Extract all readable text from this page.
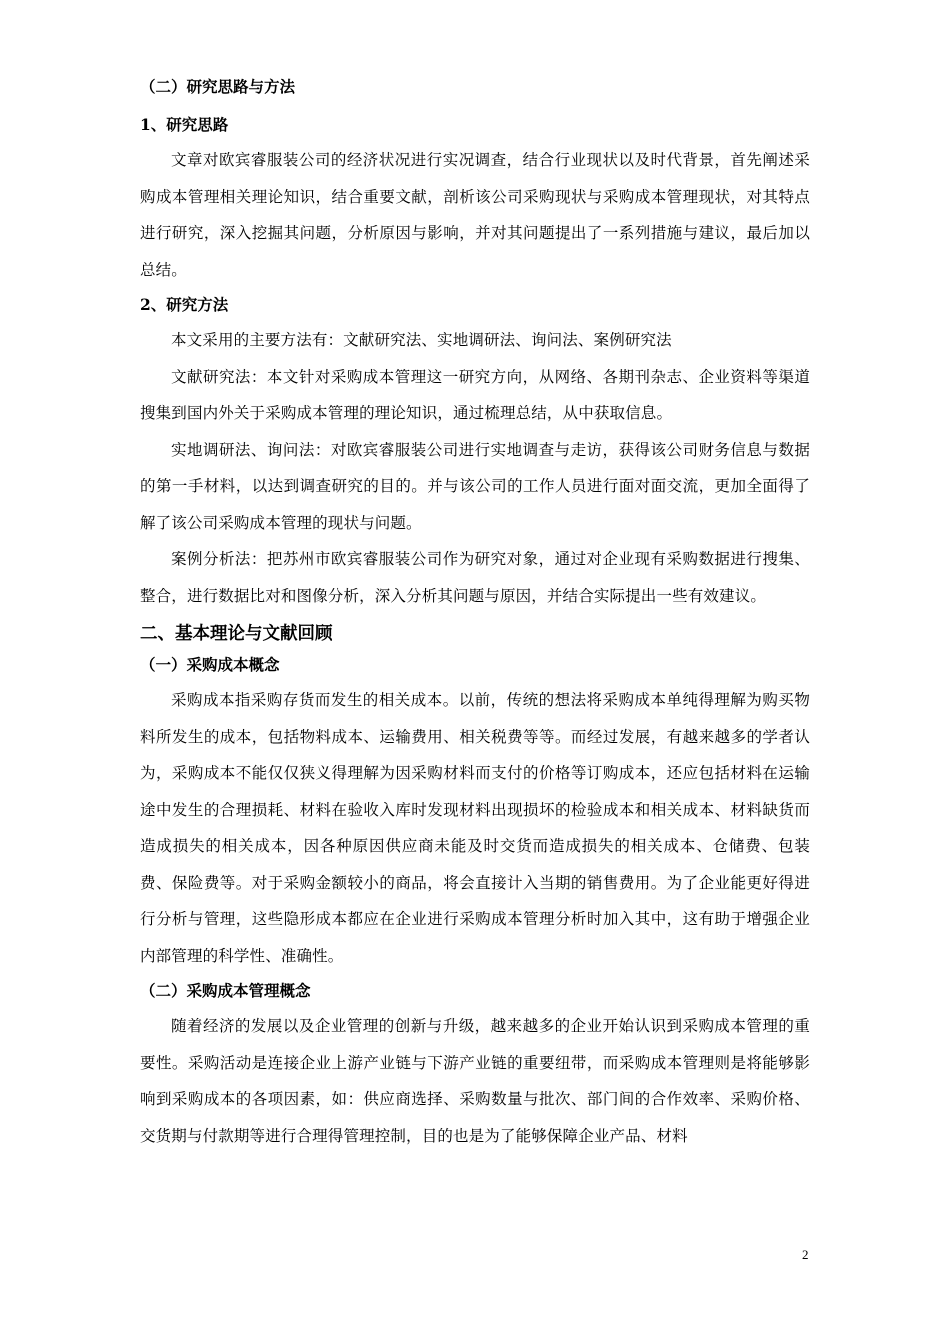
（二）研究思路与方法

1、研究思路

文章对欧宾睿服装公司的经济状况进行实况调查，结合行业现状以及时代背景，首先阐述采购成本管理相关理论知识，结合重要文献，剖析该公司采购现状与采购成本管理现状，对其特点进行研究，深入挖掘其问题，分析原因与影响，并对其问题提出了一系列措施与建议，最后加以总结。

2、研究方法

本文采用的主要方法有：文献研究法、实地调研法、询问法、案例研究法

文献研究法：本文针对采购成本管理这一研究方向，从网络、各期刊杂志、企业资料等渠道搜集到国内外关于采购成本管理的理论知识，通过梳理总结，从中获取信息。

实地调研法、询问法：对欧宾睿服装公司进行实地调查与走访，获得该公司财务信息与数据的第一手材料，以达到调查研究的目的。并与该公司的工作人员进行面对面交流，更加全面得了解了该公司采购成本管理的现状与问题。

案例分析法：把苏州市欧宾睿服装公司作为研究对象，通过对企业现有采购数据进行搜集、整合，进行数据比对和图像分析，深入分析其问题与原因，并结合实际提出一些有效建议。

二、基本理论与文献回顾

（一）采购成本概念

采购成本指采购存货而发生的相关成本。以前，传统的想法将采购成本单纯得理解为购买物料所发生的成本，包括物料成本、运输费用、相关税费等等。而经过发展，有越来越多的学者认为，采购成本不能仅仅狭义得理解为因采购材料而支付的价格等订购成本，还应包括材料在运输途中发生的合理损耗、材料在验收入库时发现材料出现损坏的检验成本和相关成本、材料缺货而造成损失的相关成本，因各种原因供应商未能及时交货而造成损失的相关成本、仓储费、包装费、保险费等。对于采购金额较小的商品，将会直接计入当期的销售费用。为了企业能更好得进行分析与管理，这些隐形成本都应在企业进行采购成本管理分析时加入其中，这有助于增强企业内部管理的科学性、准确性。

（二）采购成本管理概念

随着经济的发展以及企业管理的创新与升级，越来越多的企业开始认识到采购成本管理的重要性。采购活动是连接企业上游产业链与下游产业链的重要纽带，而采购成本管理则是将能够影响到采购成本的各项因素，如：供应商选择、采购数量与批次、部门间的合作效率、采购价格、交货期与付款期等进行合理得管理控制，目的也是为了能够保障企业产品、材料

2
